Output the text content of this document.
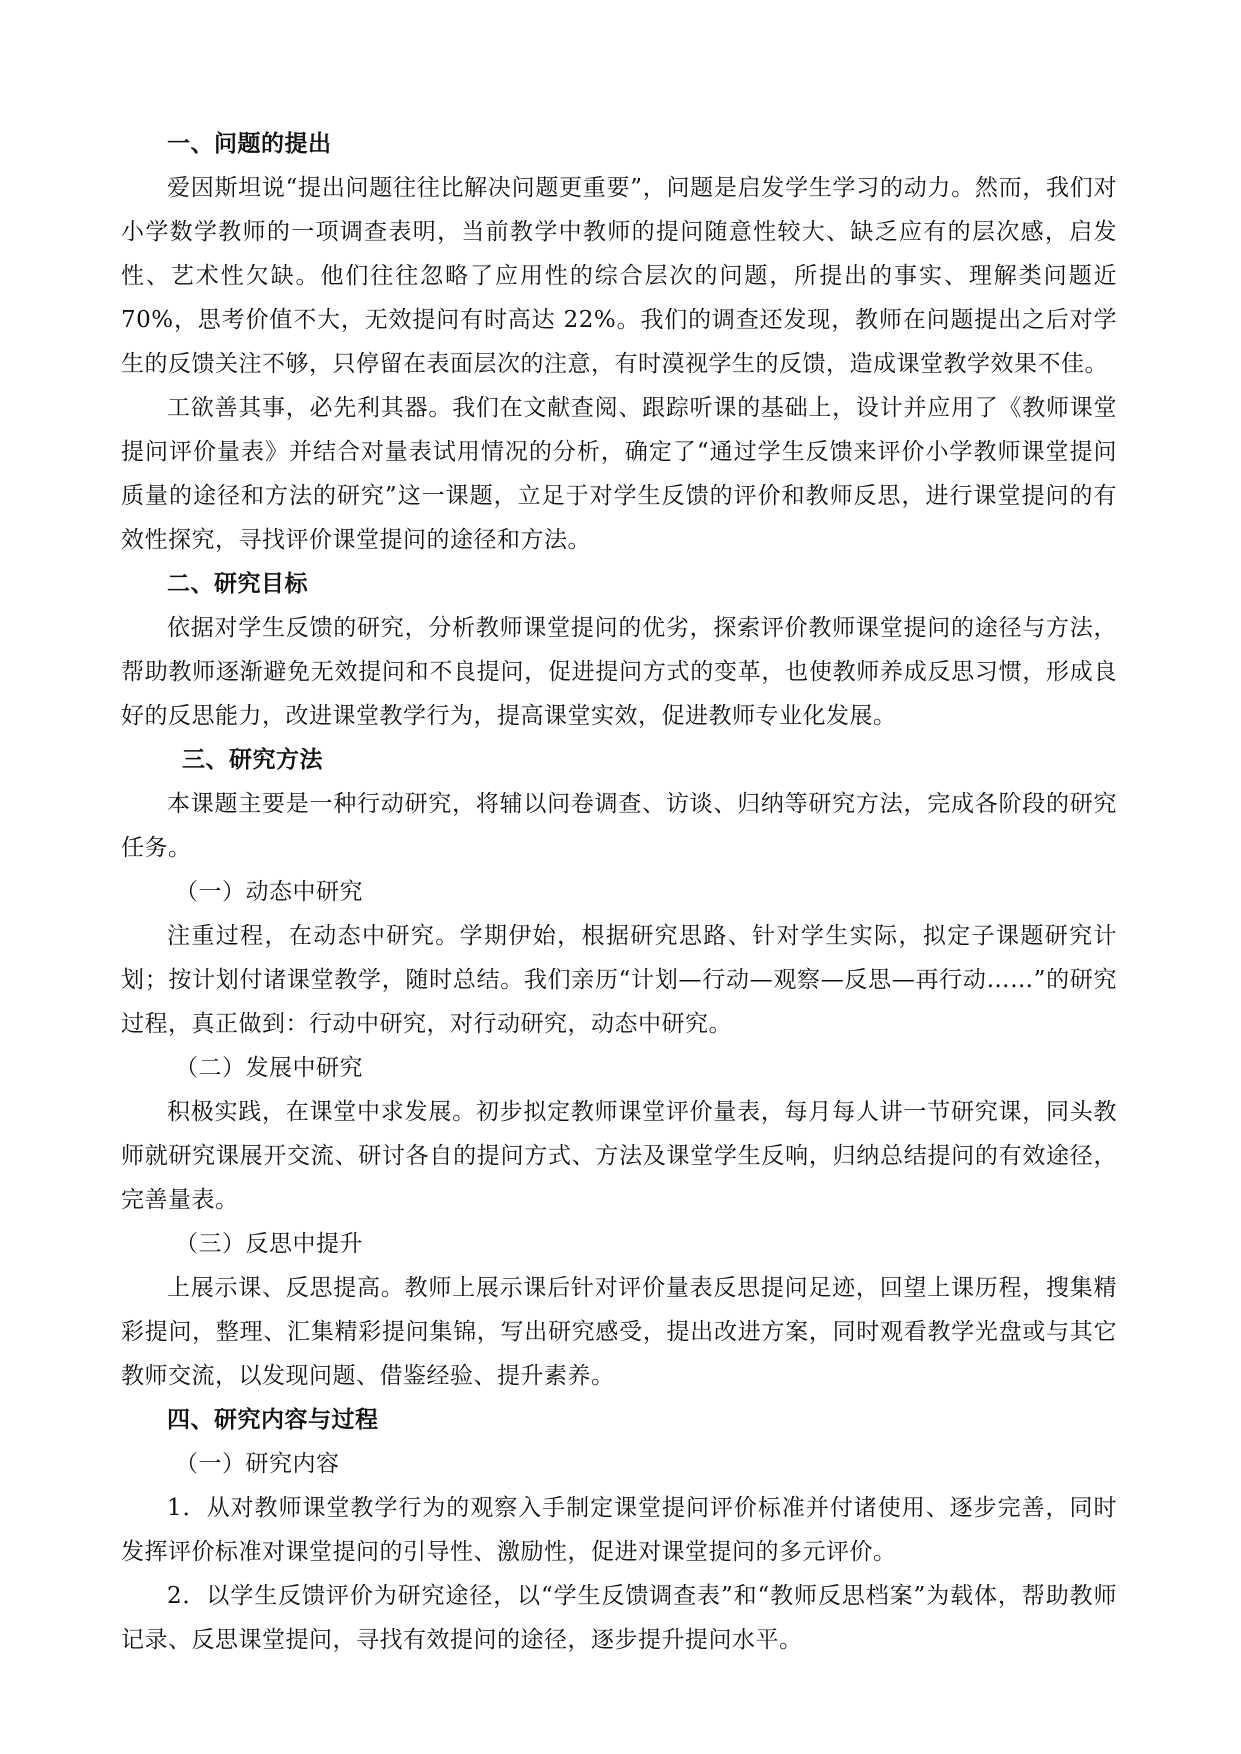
一、问题的提出
爱因斯坦说“提出问题往往比解决问题更重要”，问题是启发学生学习的动力。然而，我们对小学数学教师的一项调查表明，当前教学中教师的提问随意性较大、缺乏应有的层次感，启发性、艺术性欠缺。他们往往忽略了应用性的综合层次的问题，所提出的事实、理解类问题近 70%，思考价值不大，无效提问有时高达 22%。我们的调查还发现，教师在问题提出之后对学生的反馈关注不够，只停留在表面层次的注意，有时漠视学生的反馈，造成课堂教学效果不佳。
工欲善其事，必先利其器。我们在文献查阅、跟踪听课的基础上，设计并应用了《教师课堂提问评价量表》并结合对量表试用情况的分析，确定了“通过学生反馈来评价小学教师课堂提问质量的途径和方法的研究”这一课题，立足于对学生反馈的评价和教师反思，进行课堂提问的有效性探究，寻找评价课堂提问的途径和方法。
二、研究目标
依据对学生反馈的研究，分析教师课堂提问的优劣，探索评价教师课堂提问的途径与方法，帮助教师逐渐避免无效提问和不良提问，促进提问方式的变革，也使教师养成反思习惯，形成良好的反思能力，改进课堂教学行为，提高课堂实效，促进教师专业化发展。
三、研究方法
本课题主要是一种行动研究，将辅以问卷调查、访谈、归纳等研究方法，完成各阶段的研究任务。
（一）动态中研究
注重过程，在动态中研究。学期伊始，根据研究思路、针对学生实际，拟定子课题研究计划；按计划付诸课堂教学，随时总结。我们亲历“计划—行动—观察—反思—再行动……”的研究过程，真正做到：行动中研究，对行动研究，动态中研究。
（二）发展中研究
积极实践，在课堂中求发展。初步拟定教师课堂评价量表，每月每人讲一节研究课，同头教师就研究课展开交流、研讨各自的提问方式、方法及课堂学生反响，归纳总结提问的有效途径，完善量表。
（三）反思中提升
上展示课、反思提高。教师上展示课后针对评价量表反思提问足迹，回望上课历程，搜集精彩提问，整理、汇集精彩提问集锦，写出研究感受，提出改进方案，同时观看教学光盘或与其它教师交流，以发现问题、借鉴经验、提升素养。
四、研究内容与过程
（一）研究内容
1．从对教师课堂教学行为的观察入手制定课堂提问评价标准并付诸使用、逐步完善，同时发挥评价标准对课堂提问的引导性、激励性，促进对课堂提问的多元评价。
2．以学生反馈评价为研究途径，以“学生反馈调查表”和“教师反思档案”为载体，帮助教师记录、反思课堂提问，寻找有效提问的途径，逐步提升提问水平。
